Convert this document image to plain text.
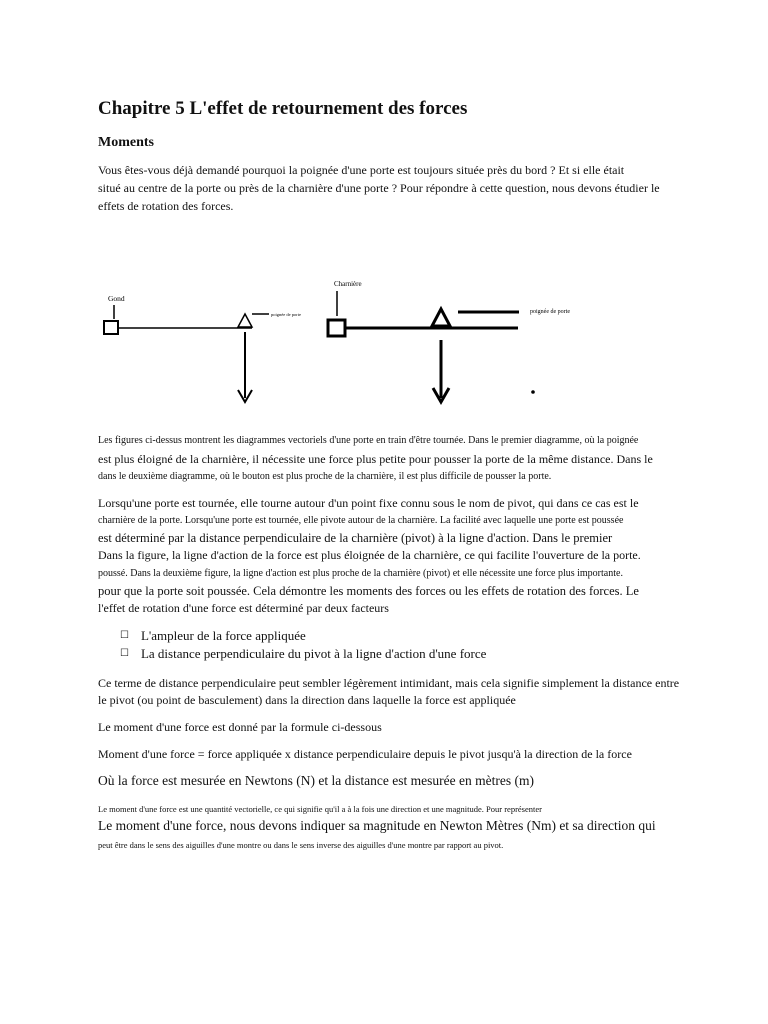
Chapitre 5 L'effet de retournement des forces
Moments
Vous êtes-vous déjà demandé pourquoi la poignée d'une porte est toujours située près du bord ? Et si elle était
situé au centre de la porte ou près de la charnière d'une porte ? Pour répondre à cette question, nous devons étudier le
effets de rotation des forces.
Gond
poignée de porte
Charnière
poignée de porte
Les figures ci-dessus montrent les diagrammes vectoriels d'une porte en train d'être tournée. Dans le premier diagramme, où la poignée
est plus éloigné de la charnière, il nécessite une force plus petite pour pousser la porte de la même distance. Dans le
dans le deuxième diagramme, où le bouton est plus proche de la charnière, il est plus difficile de pousser la porte.
Lorsqu'une porte est tournée, elle tourne autour d'un point fixe connu sous le nom de pivot, qui dans ce cas est le
charnière de la porte. Lorsqu'une porte est tournée, elle pivote autour de la charnière. La facilité avec laquelle une porte est poussée
est déterminé par la distance perpendiculaire de la charnière (pivot) à la ligne d'action. Dans le premier
Dans la figure, la ligne d'action de la force est plus éloignée de la charnière, ce qui facilite l'ouverture de la porte.
poussé. Dans la deuxième figure, la ligne d'action est plus proche de la charnière (pivot) et elle nécessite une force plus importante.
pour que la porte soit poussée. Cela démontre les moments des forces ou les effets de rotation des forces. Le
l'effet de rotation d'une force est déterminé par deux facteurs
☐ L'ampleur de la force appliquée
☐ La distance perpendiculaire du pivot à la ligne d'action d'une force
Ce terme de distance perpendiculaire peut sembler légèrement intimidant, mais cela signifie simplement la distance entre
le pivot (ou point de basculement) dans la direction dans laquelle la force est appliquée
Le moment d'une force est donné par la formule ci-dessous
Moment d'une force = force appliquée x distance perpendiculaire depuis le pivot jusqu'à la direction de la force
Où la force est mesurée en Newtons (N) et la distance est mesurée en mètres (m)
Le moment d'une force est une quantité vectorielle, ce qui signifie qu'il a à la fois une direction et une magnitude. Pour représenter
Le moment d'une force, nous devons indiquer sa magnitude en Newton Mètres (Nm) et sa direction qui
peut être dans le sens des aiguilles d'une montre ou dans le sens inverse des aiguilles d'une montre par rapport au pivot.
